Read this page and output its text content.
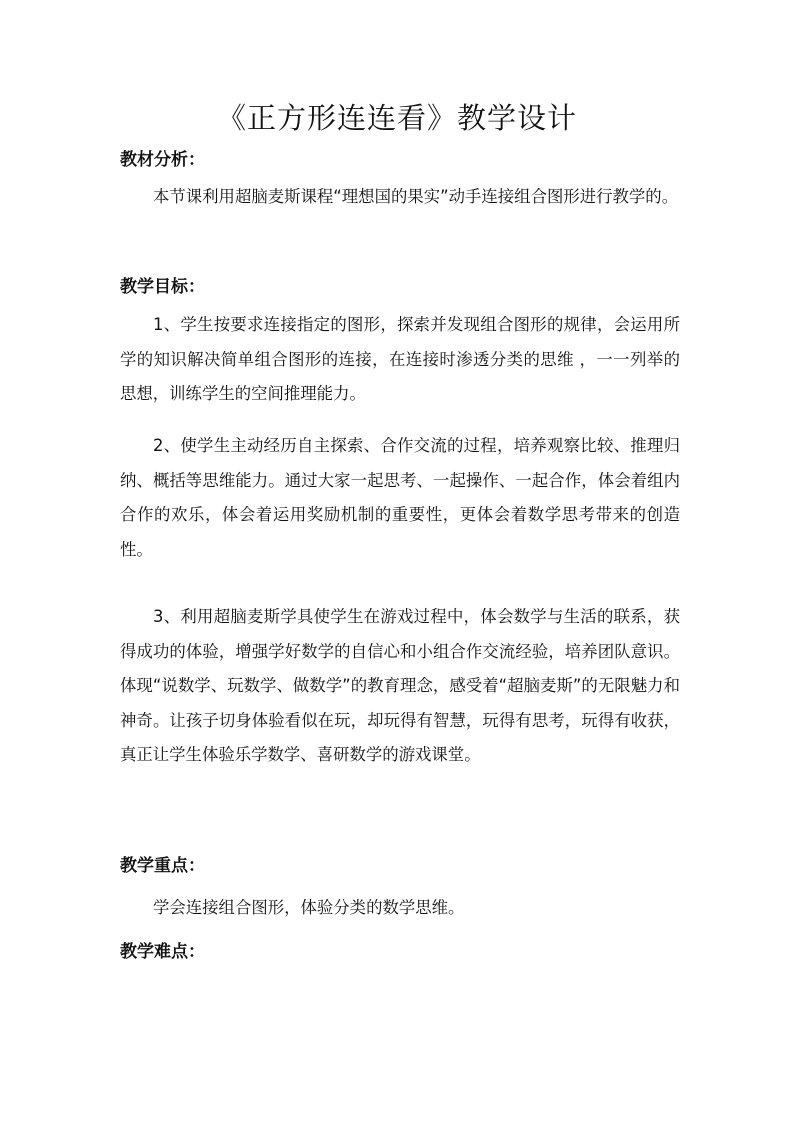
《正方形连连看》教学设计
教材分析：

本节课利用超脑麦斯课程“理想国的果实”动手连接组合图形进行教学的。

教学目标：

1、学生按要求连接指定的图形，探索并发现组合图形的规律，会运用所学的知识解决简单组合图形的连接，在连接时渗透分类的思维 ，一一列举的思想，训练学生的空间推理能力。

2、使学生主动经历自主探索、合作交流的过程，培养观察比较、推理归纳、概括等思维能力。通过大家一起思考、一起操作、一起合作，体会着组内合作的欢乐，体会着运用奖励机制的重要性，更体会着数学思考带来的创造性。

3、利用超脑麦斯学具使学生在游戏过程中，体会数学与生活的联系，获得成功的体验，增强学好数学的自信心和小组合作交流经验，培养团队意识。体现“说数学、玩数学、做数学”的教育理念，感受着“超脑麦斯”的无限魅力和神奇。让孩子切身体验看似在玩，却玩得有智慧，玩得有思考，玩得有收获，真正让学生体验乐学数学、喜研数学的游戏课堂。

教学重点：

学会连接组合图形，体验分类的数学思维。

教学难点：
